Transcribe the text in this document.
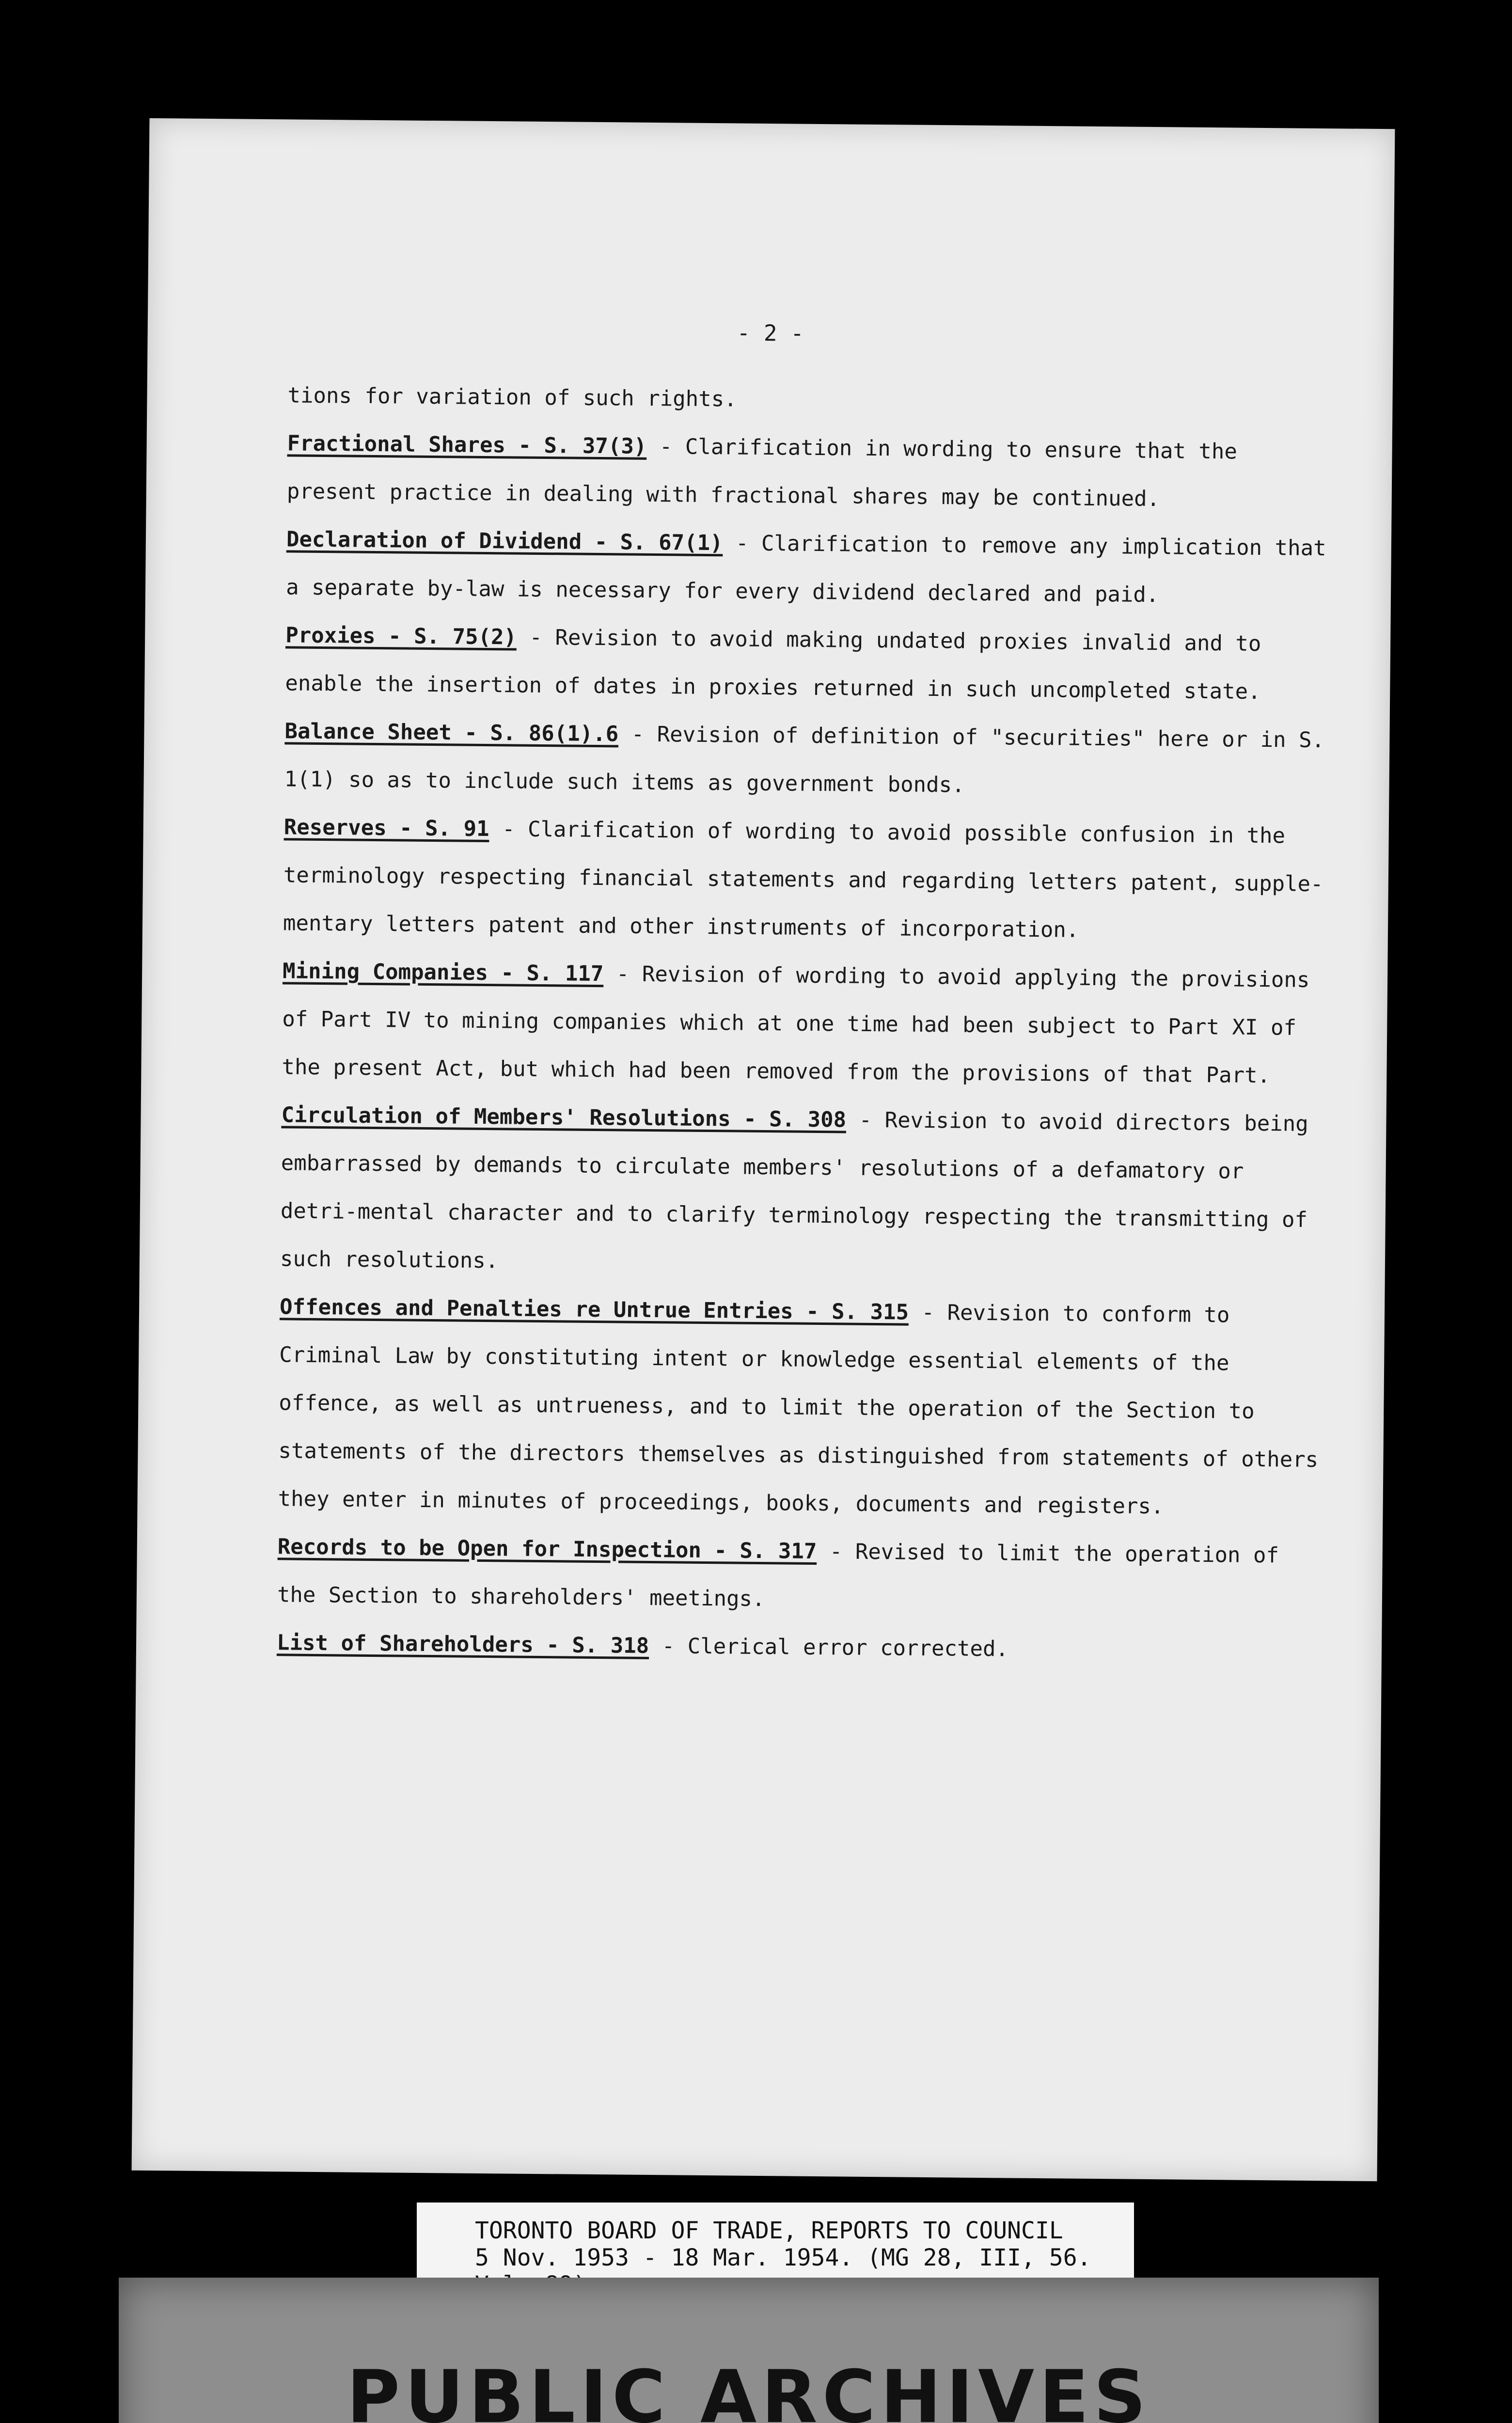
- 2 -

tions for variation of such rights.

Fractional Shares - S. 37(3) - Clarification in wording to ensure that the present practice in dealing with fractional shares may be continued.

Declaration of Dividend - S. 67(1) - Clarification to remove any implication that a separate by-law is necessary for every dividend declared and paid.

Proxies - S. 75(2) - Revision to avoid making undated proxies invalid and to enable the insertion of dates in proxies returned in such uncompleted state.

Balance Sheet - S. 86(1).6 - Revision of definition of "securities" here or in S. 1(1) so as to include such items as government bonds.

Reserves - S. 91 - Clarification of wording to avoid possible confusion in the terminology respecting financial statements and regarding letters patent, supple-mentary letters patent and other instruments of incorporation.

Mining Companies - S. 117 - Revision of wording to avoid applying the provisions of Part IV to mining companies which at one time had been subject to Part XI of the present Act, but which had been removed from the provisions of that Part.

Circulation of Members' Resolutions - S. 308 - Revision to avoid directors being embarrassed by demands to circulate members' resolutions of a defamatory or detri-mental character and to clarify terminology respecting the transmitting of such resolutions.

Offences and Penalties re Untrue Entries - S. 315 - Revision to conform to Criminal Law by constituting intent or knowledge essential elements of the offence, as well as untrueness, and to limit the operation of the Section to statements of the directors themselves as distinguished from statements of others they enter in minutes of proceedings, books, documents and registers.

Records to be Open for Inspection - S. 317 - Revised to limit the operation of the Section to shareholders' meetings.

List of Shareholders - S. 318 - Clerical error corrected.

TORONTO BOARD OF TRADE, REPORTS TO COUNCIL
5 Nov. 1953 - 18 Mar. 1954. (MG 28, III, 56.
PUBLIC ARCHIVES
